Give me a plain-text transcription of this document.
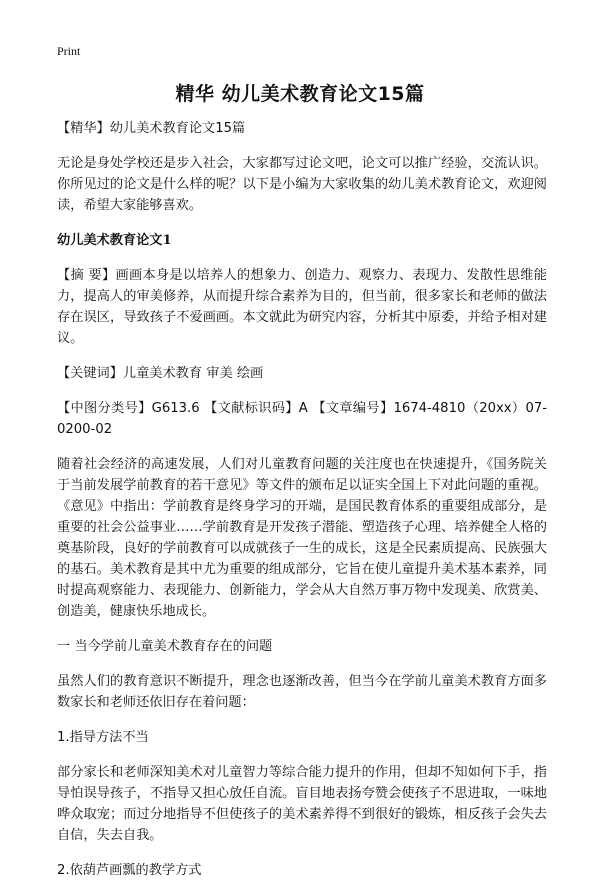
Print
精华 幼儿美术教育论文15篇

【精华】幼儿美术教育论文15篇

无论是身处学校还是步入社会，大家都写过论文吧，论文可以推广经验，交流认识。你所见过的论文是什么样的呢？以下是小编为大家收集的幼儿美术教育论文，欢迎阅读，希望大家能够喜欢。

幼儿美术教育论文1

【摘 要】画画本身是以培养人的想象力、创造力、观察力、表现力、发散性思维能力，提高人的审美修养，从而提升综合素养为目的，但当前，很多家长和老师的做法存在误区，导致孩子不爱画画。本文就此为研究内容，分析其中原委，并给予相对建议。

【关键词】儿童美术教育 审美 绘画

【中图分类号】G613.6 【文献标识码】A 【文章编号】1674-4810（20xx）07-0200-02

随着社会经济的高速发展，人们对儿童教育问题的关注度也在快速提升，《国务院关于当前发展学前教育的若干意见》等文件的颁布足以证实全国上下对此问题的重视。《意见》中指出：学前教育是终身学习的开端，是国民教育体系的重要组成部分，是重要的社会公益事业……学前教育是开发孩子潜能、塑造孩子心理、培养健全人格的奠基阶段，良好的学前教育可以成就孩子一生的成长，这是全民素质提高、民族强大的基石。美术教育是其中尤为重要的组成部分，它旨在使儿童提升美术基本素养，同时提高观察能力、表现能力、创新能力，学会从大自然万事万物中发现美、欣赏美、创造美，健康快乐地成长。

一 当今学前儿童美术教育存在的问题

虽然人们的教育意识不断提升，理念也逐渐改善，但当今在学前儿童美术教育方面多数家长和老师还依旧存在着问题：

1.指导方法不当

部分家长和老师深知美术对儿童智力等综合能力提升的作用，但却不知如何下手，指导怕误导孩子，不指导又担心放任自流。盲目地表扬夸赞会使孩子不思进取，一味地哗众取宠；而过分地指导不但使孩子的美术素养得不到很好的锻炼，相反孩子会失去自信，失去自我。

2.依葫芦画瓢的教学方式
